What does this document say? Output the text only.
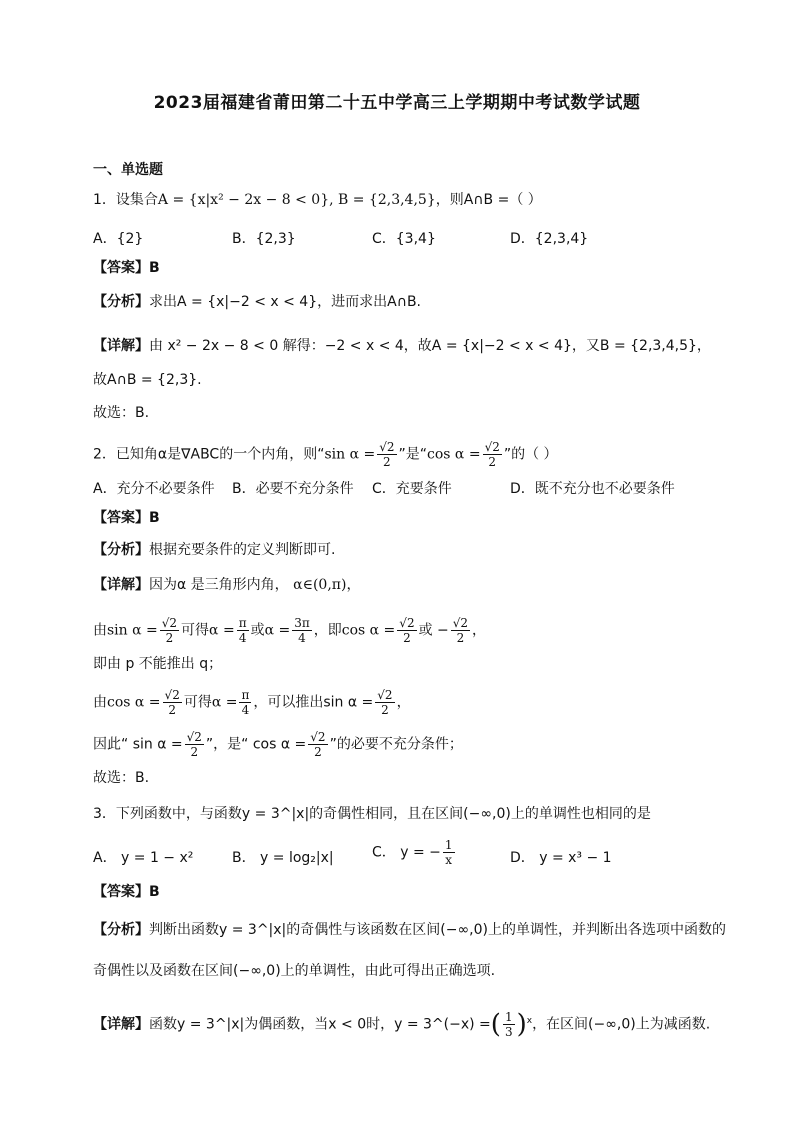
2023届福建省莆田第二十五中学高三上学期期中考试数学试题
一、单选题
1．设集合A = {x|x² − 2x − 8 < 0}, B = {2,3,4,5}，则A∩B =（ ）
A．{2}	B．{2,3}	C．{3,4}	D．{2,3,4}
【答案】B
【分析】求出A = {x|−2 < x < 4}，进而求出A∩B.
【详解】由 x² − 2x − 8 < 0 解得：−2 < x < 4，故A = {x|−2 < x < 4}，又B = {2,3,4,5}，
故A∩B = {2,3}.
故选：B.
2．已知角α是∇ABC的一个内角，则“sin $\alpha = \frac{√2}{2}$ ”是“cos $\alpha = \frac{√2}{2}$ ”的（ ）
A．充分不必要条件 B．必要不充分条件 C．充要条件	D．既不充分也不必要条件
【答案】B
【分析】根据充要条件的定义判断即可.
【详解】因为α 是三角形内角， α∈(0,π)，
由$\sin \alpha = \frac{√2}{2}$ 可得$\alpha = \frac{\pi}{4}$ 或$\alpha = \frac{3\pi}{4}$ ，即$\cos \alpha = \frac{√2}{2}$ 或 − $\frac{√2}{2}$ ，
即由 p 不能推出 q；
由$\cos \alpha = \frac{√2}{2}$ 可得$\alpha = \frac{\pi}{4}$ ，可以推出$\sin \alpha = \frac{√2}{2}$ ，
因此“ $\sin \alpha = \frac{√2}{2}$ ”，是“ $\cos \alpha = \frac{√2}{2}$ ”的必要不充分条件；
故选：B.
3．下列函数中，与函数y = 3^|x|的奇偶性相同，且在区间(−∞,0)上的单调性也相同的是
A． y = 1 − x²	B． y = log₂|x|	C． y = − $\frac{1}{x}$	D． y = x³ − 1
【答案】B
【分析】判断出函数y = 3^|x|的奇偶性与该函数在区间(−∞,0)上的单调性，并判断出各选项中函数的
奇偶性以及函数在区间(−∞,0)上的单调性，由此可得出正确选项.
【详解】函数y = 3^|x|为偶函数，当x < 0时，y = 3^(−x) =( $\frac{1}{3} )^x$，在区间(−∞,0)上为减函数.
